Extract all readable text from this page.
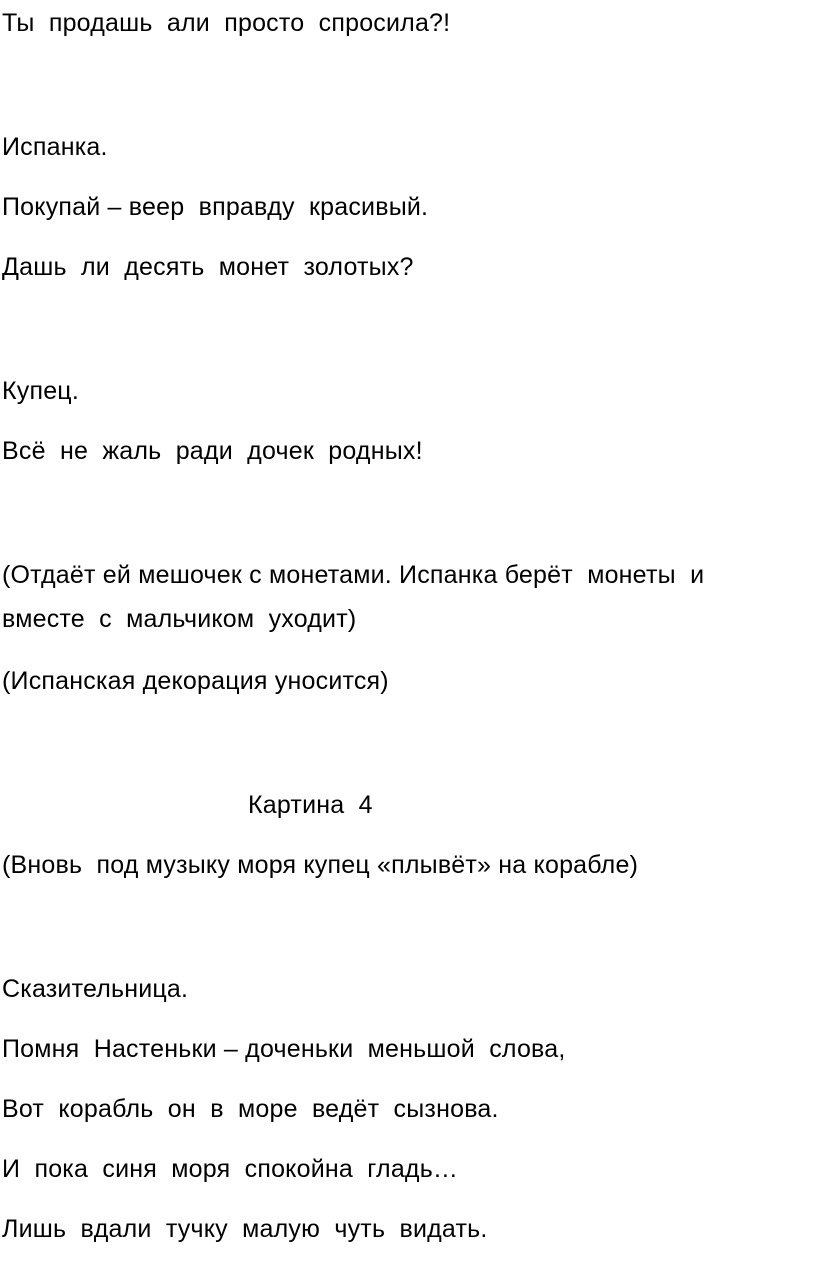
Ты  продашь  али  просто  спросила?!
Испанка.
Покупай – веер  вправду  красивый.
Дашь  ли  десять  монет  золотых?
Купец.
Всё  не  жаль  ради  дочек  родных!
(Отдаёт ей мешочек с монетами. Испанка берёт  монеты  и
вместе  с  мальчиком  уходит)
(Испанская декорация уносится)
Картина  4
(Вновь  под музыку моря купец «плывёт» на корабле)
Сказительница.
Помня  Настеньки – доченьки  меньшой  слова,
Вот  корабль  он  в  море  ведёт  сызнова.
И  пока  синя  моря  спокойна  гладь…
Лишь  вдали  тучку  малую  чуть  видать.
